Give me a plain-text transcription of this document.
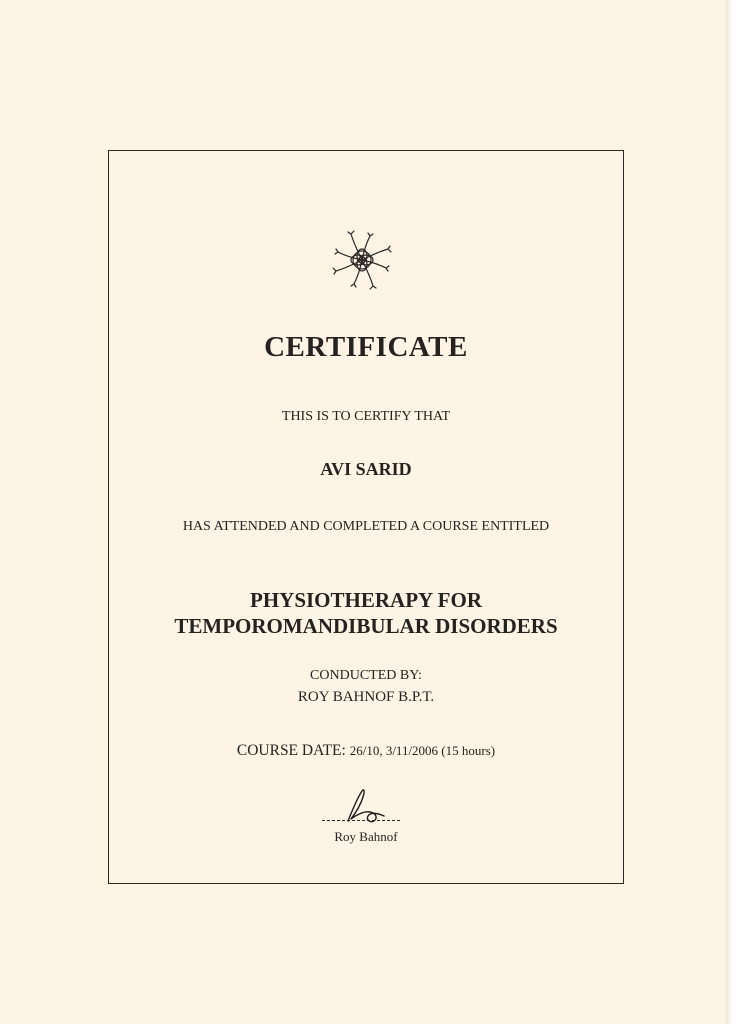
CERTIFICATE
THIS IS TO CERTIFY THAT
AVI SARID
HAS ATTENDED AND COMPLETED A COURSE ENTITLED
PHYSIOTHERAPY FOR
TEMPOROMANDIBULAR DISORDERS
CONDUCTED BY:
ROY BAHNOF B.P.T.
COURSE DATE: 26/10, 3/11/2006 (15 hours)
Roy Bahnof
